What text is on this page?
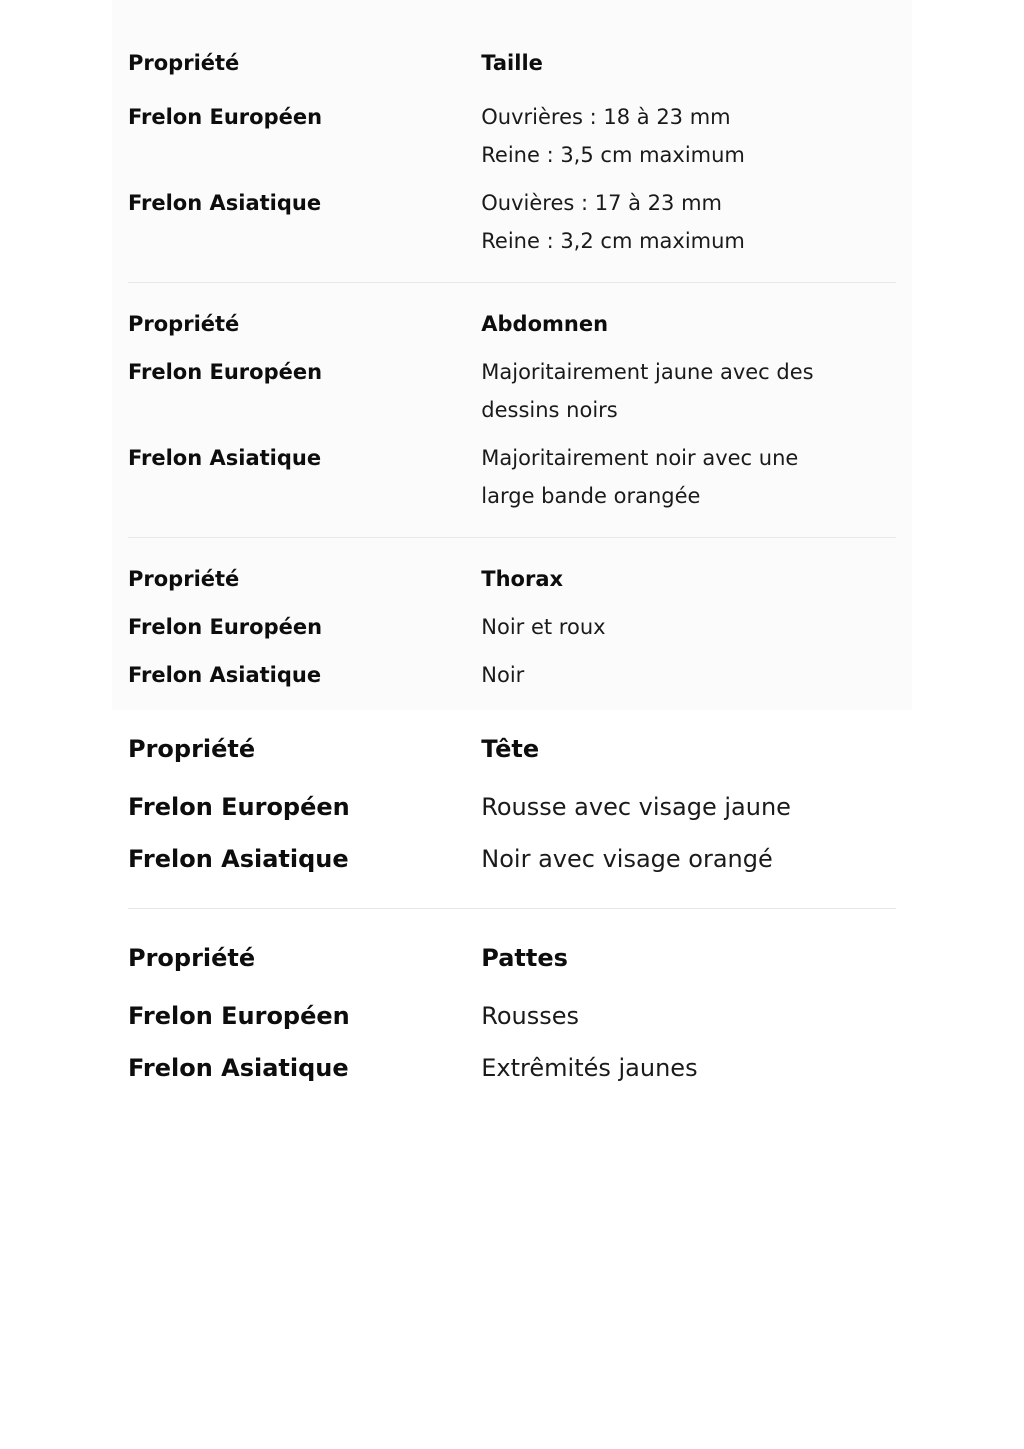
Propriété	Taille
Frelon Européen	Ouvrières : 18 à 23 mm
Reine : 3,5 cm maximum
Frelon Asiatique	Ouvières : 17 à 23 mm
Reine : 3,2 cm maximum
Propriété	Abdomnen
Frelon Européen	Majoritairement jaune avec des
dessins noirs
Frelon Asiatique	Majoritairement noir avec une
large bande orangée
Propriété	Thorax
Frelon Européen	Noir et roux
Frelon Asiatique	Noir
Propriété	Tête
Frelon Européen	Rousse avec visage jaune
Frelon Asiatique	Noir avec visage orangé
Propriété	Pattes
Frelon Européen	Rousses
Frelon Asiatique	Extrêmités jaunes
